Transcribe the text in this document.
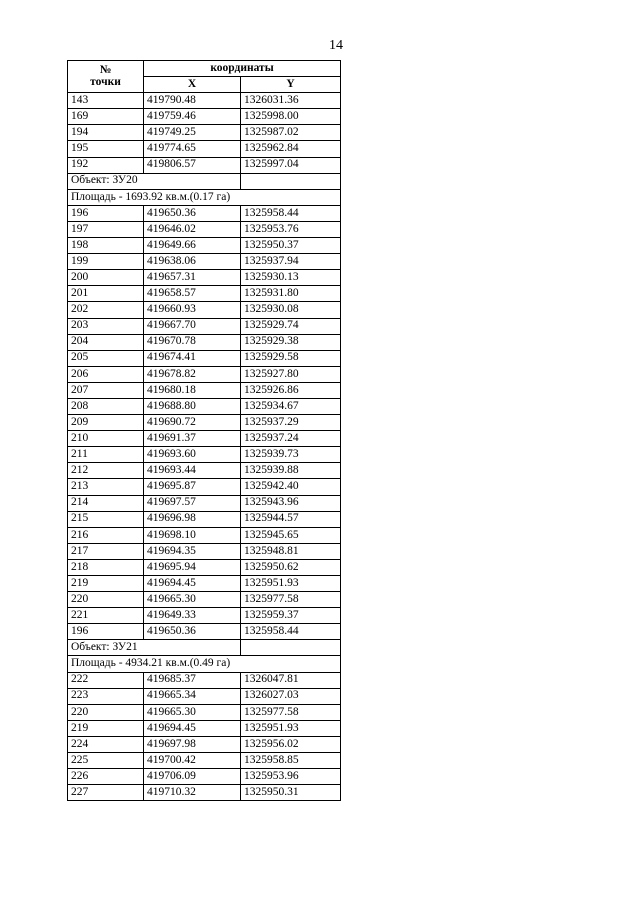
14
№
точки	координаты	
	X	Y
143	419790.48	1326031.36
169	419759.46	1325998.00
194	419749.25	1325987.02
195	419774.65	1325962.84
192	419806.57	1325997.04
Объект: ЗУ20		
Площадь - 1693.92 кв.м.(0.17 га)		
196	419650.36	1325958.44
197	419646.02	1325953.76
198	419649.66	1325950.37
199	419638.06	1325937.94
200	419657.31	1325930.13
201	419658.57	1325931.80
202	419660.93	1325930.08
203	419667.70	1325929.74
204	419670.78	1325929.38
205	419674.41	1325929.58
206	419678.82	1325927.80
207	419680.18	1325926.86
208	419688.80	1325934.67
209	419690.72	1325937.29
210	419691.37	1325937.24
211	419693.60	1325939.73
212	419693.44	1325939.88
213	419695.87	1325942.40
214	419697.57	1325943.96
215	419696.98	1325944.57
216	419698.10	1325945.65
217	419694.35	1325948.81
218	419695.94	1325950.62
219	419694.45	1325951.93
220	419665.30	1325977.58
221	419649.33	1325959.37
196	419650.36	1325958.44
Объект: ЗУ21		
Площадь - 4934.21 кв.м.(0.49 га)		
222	419685.37	1326047.81
223	419665.34	1326027.03
220	419665.30	1325977.58
219	419694.45	1325951.93
224	419697.98	1325956.02
225	419700.42	1325958.85
226	419706.09	1325953.96
227	419710.32	1325950.31
